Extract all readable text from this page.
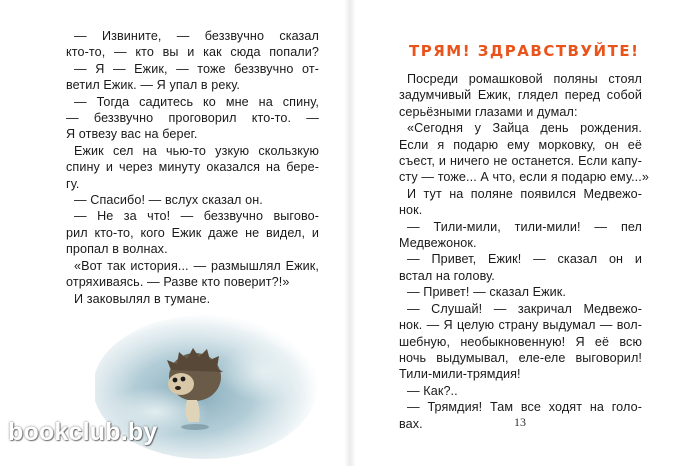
— Извините, — беззвучно сказал
кто-то, — кто вы и как сюда попали?
— Я — Ежик, — тоже беззвучно от-
ветил Ежик. — Я упал в реку.
— Тогда садитесь ко мне на спину,
— беззвучно проговорил кто-то. —
Я отвезу вас на берег.
Ежик сел на чью-то узкую скользкую
спину и через минуту оказался на бере-
гу.
— Спасибо! — вслух сказал он.
— Не за что! — беззвучно выгово-
рил кто-то, кого Ежик даже не видел, и
пропал в волнах.
«Вот так история... — размышлял Ежик,
отряхиваясь. — Разве кто поверит?!»
И заковылял в тумане.
ТРЯМ! ЗДРАВСТВУЙТЕ!
Посреди ромашковой поляны стоял
задумчивый Ежик, глядел перед собой
серьёзными глазами и думал:
«Сегодня у Зайца день рождения.
Если я подарю ему морковку, он её
съест, и ничего не останется. Если капу-
сту — тоже... А что, если я подарю ему...»
И тут на поляне появился Медвежо-
нок.
— Тили-мили, тили-мили! — пел
Медвежонок.
— Привет, Ежик! — сказал он и
встал на голову.
— Привет! — сказал Ежик.
— Слушай! — закричал Медвежо-
нок. — Я целую страну выдумал — вол-
шебную, необыкновенную! Я её всю
ночь выдумывал, еле-еле выговорил!
Тили-мили-трямдия!
— Как?..
— Трямдия! Там все ходят на голо-
вах.	13
bookclub.by
